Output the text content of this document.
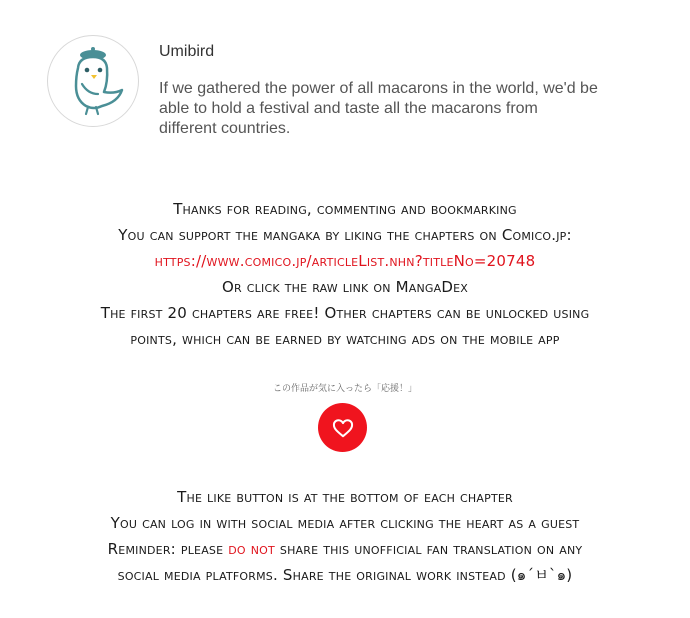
Umibird
If we gathered the power of all macarons in the world, we'd be able to hold a festival and taste all the macarons from different countries.
Thanks for reading, commenting and bookmarking
You can support the mangaka by liking the chapters on Comico.jp:
https://www.comico.jp/articleList.nhn?titleNo=20748
Or click the raw link on MangaDex
The first 20 chapters are free! Other chapters can be unlocked using
points, which can be earned by watching ads on the mobile app
この作品が気に入ったら「応援！」
The like button is at the bottom of each chapter
You can log in with social media after clicking the heart as a guest
Reminder: please do not share this unofficial fan translation on any
social media platforms. Share the original work instead (๑´ㅂ`๑)
